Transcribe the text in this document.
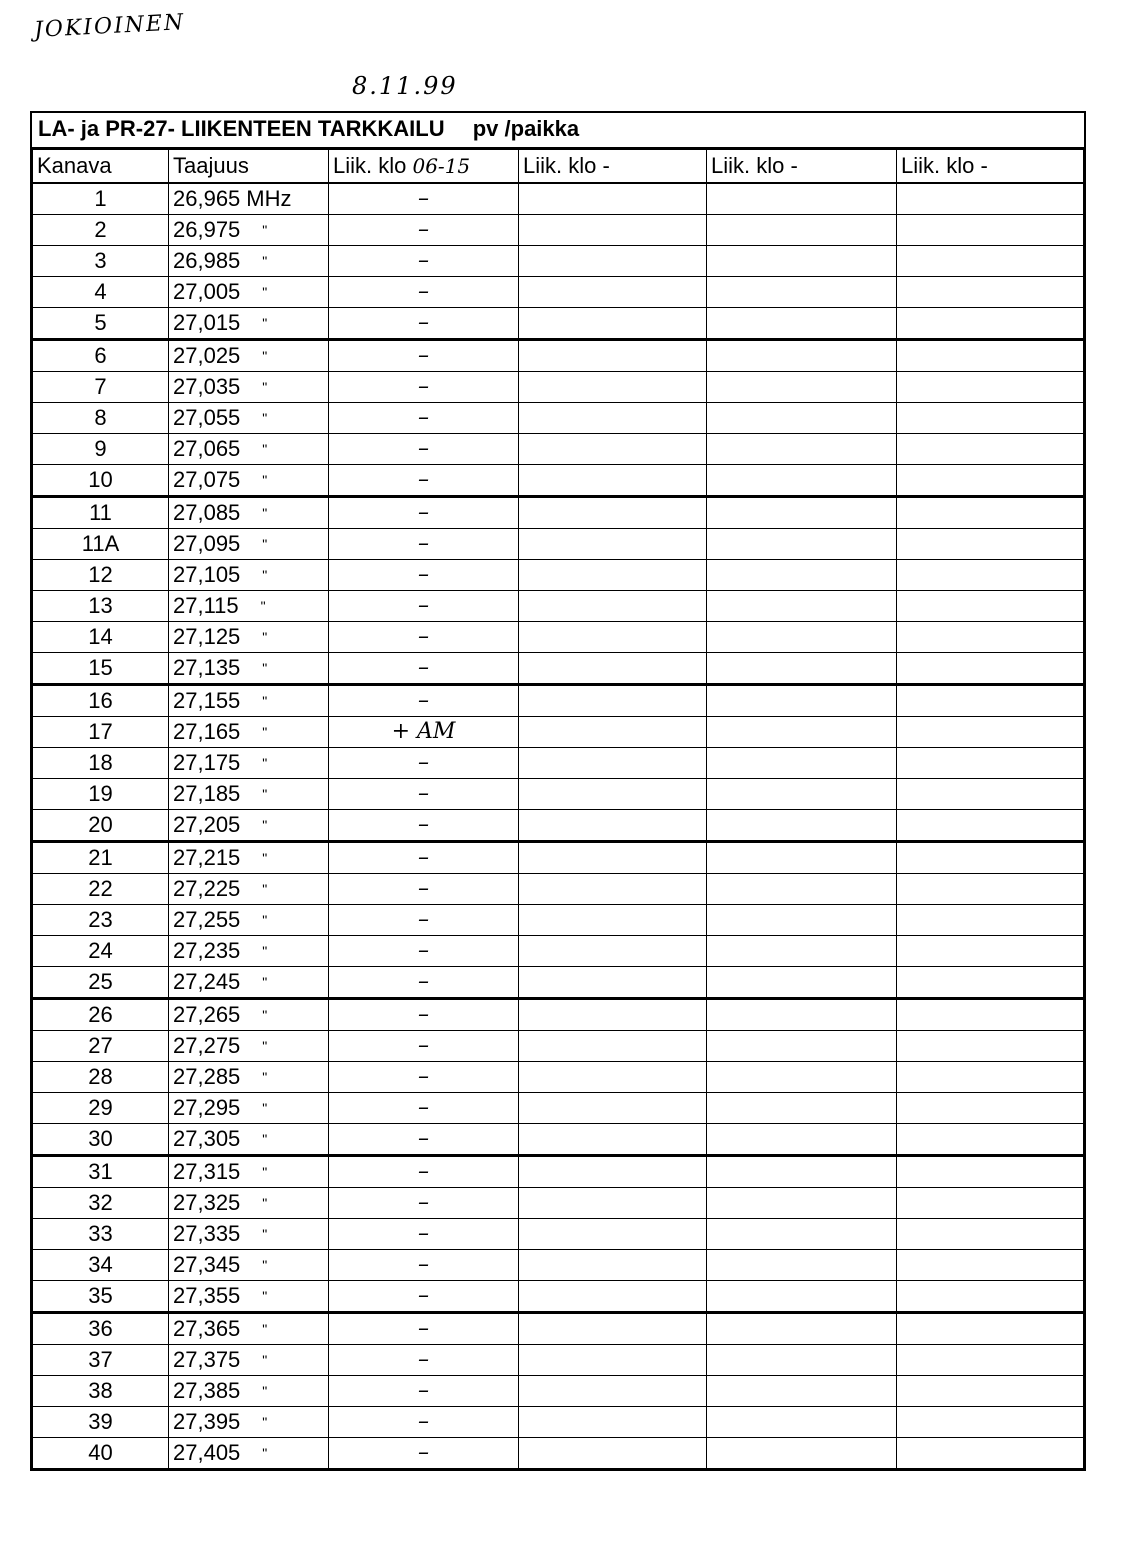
JOKIOINEN
8.11.99
LA- ja PR-27- LIIKENTEEN TARKKAILU pv /paikka
Kanava	Taajuus	Liik. klo 06-15	Liik. klo -	Liik. klo -	Liik. klo -
1	26,965 MHz	–			
2	26,975 "	–			
3	26,985 "	–			
4	27,005 "	–			
5	27,015 "	–			
6	27,025 "	–			
7	27,035 "	–			
8	27,055 "	–			
9	27,065 "	–			
10	27,075 "	–			
11	27,085 "	–			
11A	27,095 "	–			
12	27,105 "	–			
13	27,115 "	–			
14	27,125 "	–			
15	27,135 "	–			
16	27,155 "	–			
17	27,165 "	+ AM			
18	27,175 "	–			
19	27,185 "	–			
20	27,205 "	–			
21	27,215 "	–			
22	27,225 "	–			
23	27,255 "	–			
24	27,235 "	–			
25	27,245 "	–			
26	27,265 "	–			
27	27,275 "	–			
28	27,285 "	–			
29	27,295 "	–			
30	27,305 "	–			
31	27,315 "	–			
32	27,325 "	–			
33	27,335 "	–			
34	27,345 "	–			
35	27,355 "	–			
36	27,365 "	–			
37	27,375 "	–			
38	27,385 "	–			
39	27,395 "	–			
40	27,405 "	–			
